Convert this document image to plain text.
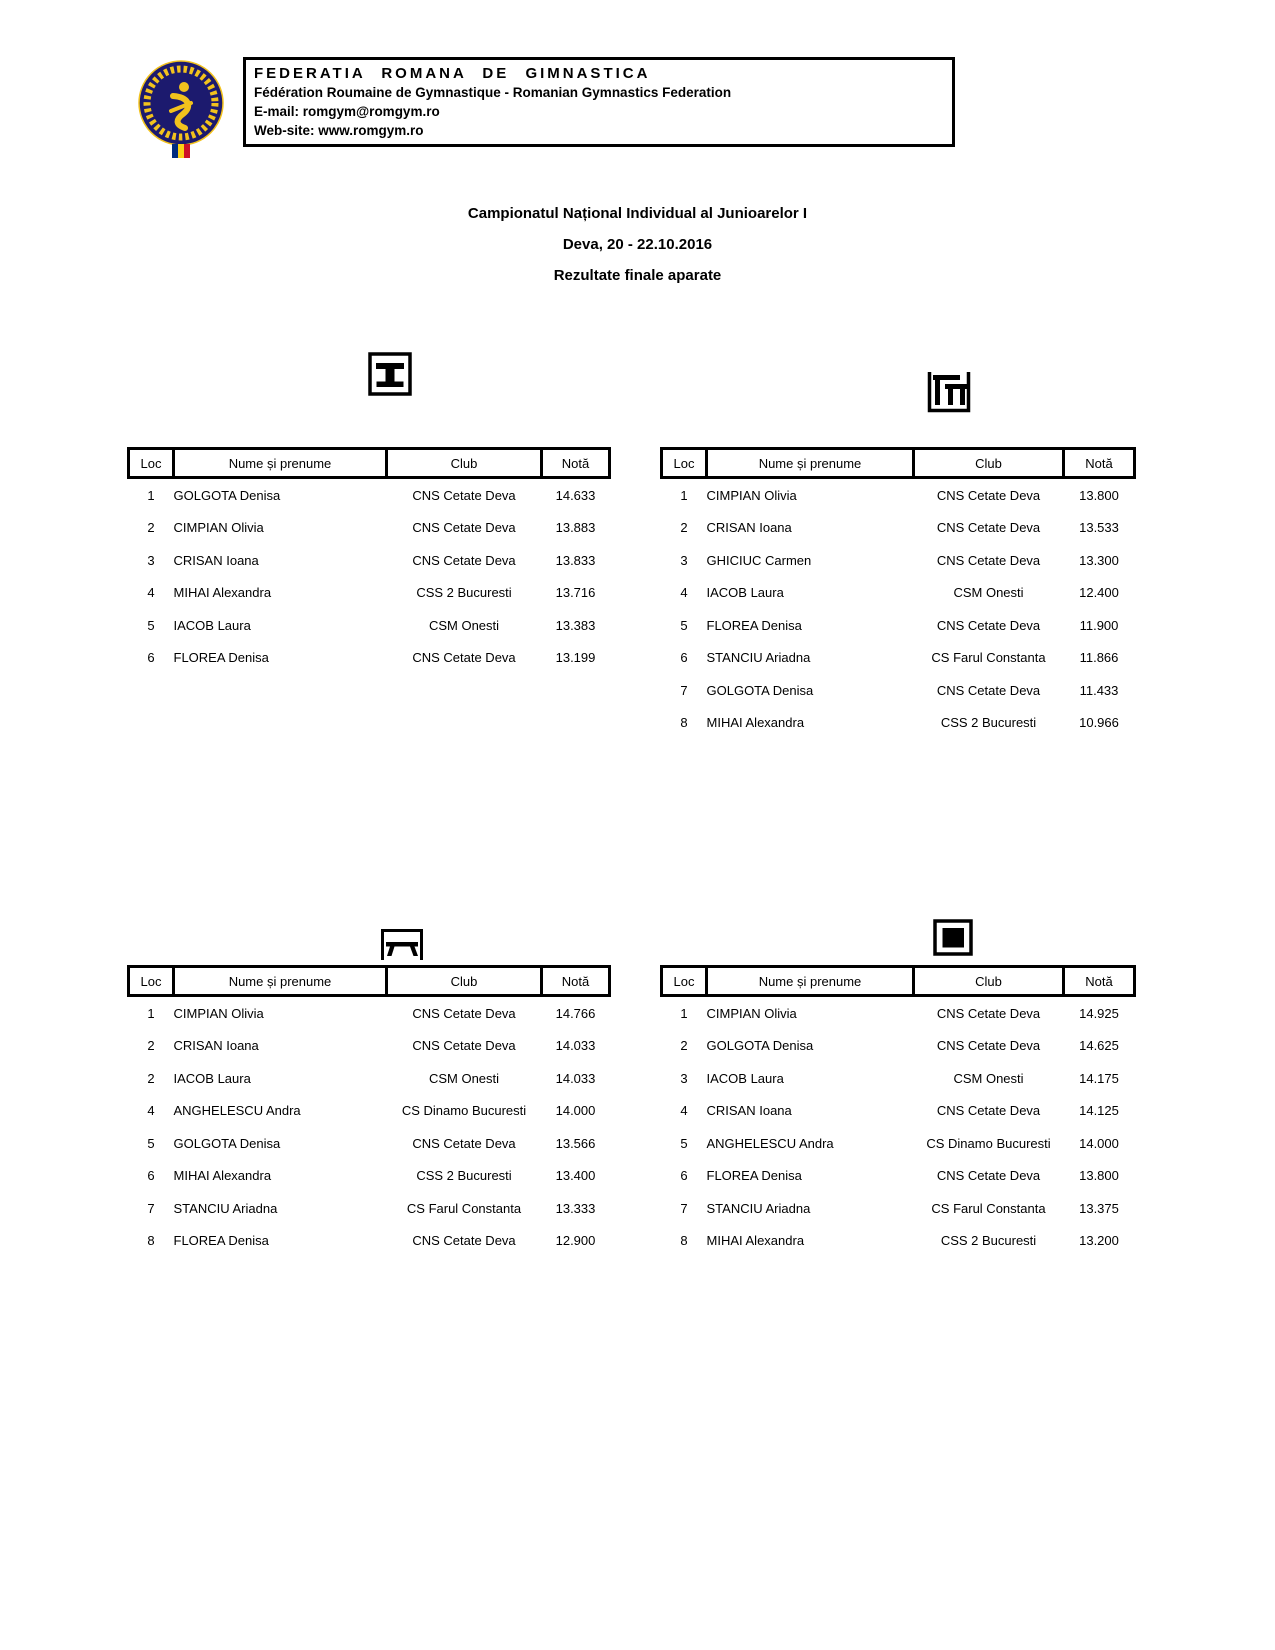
FEDERATIA ROMANA DE GIMNASTICA
Fédération Roumaine de Gymnastique - Romanian Gymnastics Federation
E-mail: romgym@romgym.ro
Web-site: www.romgym.ro
Campionatul Național Individual al Junioarelor I
Deva, 20 - 22.10.2016
Rezultate finale aparate
Loc	Nume și prenume	Club	Notă
1	GOLGOTA Denisa	CNS Cetate Deva	14.633
2	CIMPIAN Olivia	CNS Cetate Deva	13.883
3	CRISAN Ioana	CNS Cetate Deva	13.833
4	MIHAI Alexandra	CSS 2 Bucuresti	13.716
5	IACOB Laura	CSM Onesti	13.383
6	FLOREA Denisa	CNS Cetate Deva	13.199
Loc	Nume și prenume	Club	Notă
1	CIMPIAN Olivia	CNS Cetate Deva	13.800
2	CRISAN Ioana	CNS Cetate Deva	13.533
3	GHICIUC Carmen	CNS Cetate Deva	13.300
4	IACOB Laura	CSM Onesti	12.400
5	FLOREA Denisa	CNS Cetate Deva	11.900
6	STANCIU Ariadna	CS Farul Constanta	11.866
7	GOLGOTA Denisa	CNS Cetate Deva	11.433
8	MIHAI Alexandra	CSS 2 Bucuresti	10.966
Loc	Nume și prenume	Club	Notă
1	CIMPIAN Olivia	CNS Cetate Deva	14.766
2	CRISAN Ioana	CNS Cetate Deva	14.033
2	IACOB Laura	CSM Onesti	14.033
4	ANGHELESCU Andra	CS Dinamo Bucuresti	14.000
5	GOLGOTA Denisa	CNS Cetate Deva	13.566
6	MIHAI Alexandra	CSS 2 Bucuresti	13.400
7	STANCIU Ariadna	CS Farul Constanta	13.333
8	FLOREA Denisa	CNS Cetate Deva	12.900
Loc	Nume și prenume	Club	Notă
1	CIMPIAN Olivia	CNS Cetate Deva	14.925
2	GOLGOTA Denisa	CNS Cetate Deva	14.625
3	IACOB Laura	CSM Onesti	14.175
4	CRISAN Ioana	CNS Cetate Deva	14.125
5	ANGHELESCU Andra	CS Dinamo Bucuresti	14.000
6	FLOREA Denisa	CNS Cetate Deva	13.800
7	STANCIU Ariadna	CS Farul Constanta	13.375
8	MIHAI Alexandra	CSS 2 Bucuresti	13.200
